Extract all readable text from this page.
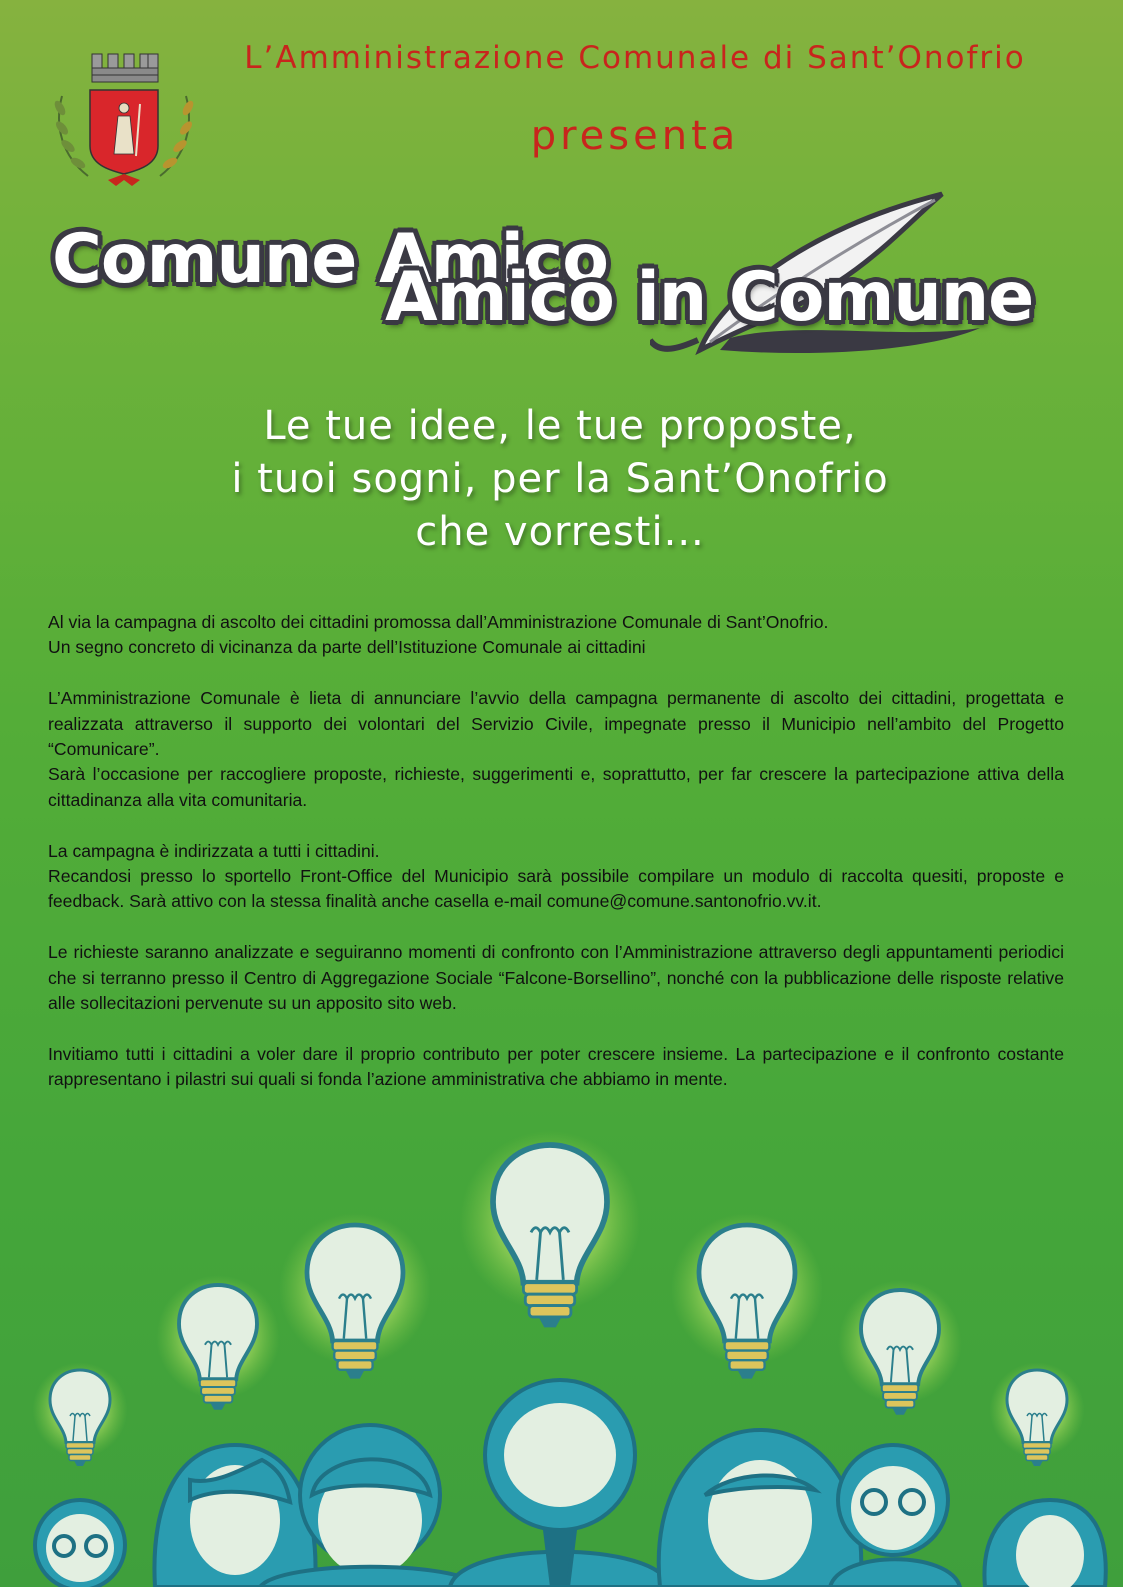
L’Amministrazione Comunale di Sant’Onofrio
presenta
Comune Amico
Amico in Comune
Le tue idee, le tue proposte,
i tuoi sogni, per la Sant’Onofrio
che vorresti...

Al via la campagna di ascolto dei cittadini promossa dall’Amministrazione Comunale di Sant’Onofrio.
Un segno concreto di vicinanza da parte dell’Istituzione Comunale ai cittadini

L’Amministrazione Comunale è lieta di annunciare l’avvio della campagna permanente di ascolto dei cittadini, progettata e realizzata attraverso il supporto dei volontari del Servizio Civile, impegnate presso il Municipio nell’ambito del Progetto “Comunicare”.
Sarà l’occasione per raccogliere proposte, richieste, suggerimenti e, soprattutto, per far crescere la partecipazione attiva della cittadinanza alla vita comunitaria.

La campagna è indirizzata a tutti i cittadini.
Recandosi presso lo sportello Front-Office del Municipio sarà possibile compilare un modulo di raccolta quesiti, proposte e feedback. Sarà attivo con la stessa finalità anche casella e-mail comune@comune.santonofrio.vv.it.

Le richieste saranno analizzate e seguiranno momenti di confronto con l’Amministrazione attraverso degli appuntamenti periodici che si terranno presso il Centro di Aggregazione Sociale “Falcone-Borsellino”, nonché con la pubblicazione delle risposte relative alle sollecitazioni pervenute su un apposito sito web.

Invitiamo tutti i cittadini a voler dare il proprio contributo per poter crescere insieme. La partecipazione e il confronto costante rappresentano i pilastri sui quali si fonda l’azione amministrativa che abbiamo in mente.
